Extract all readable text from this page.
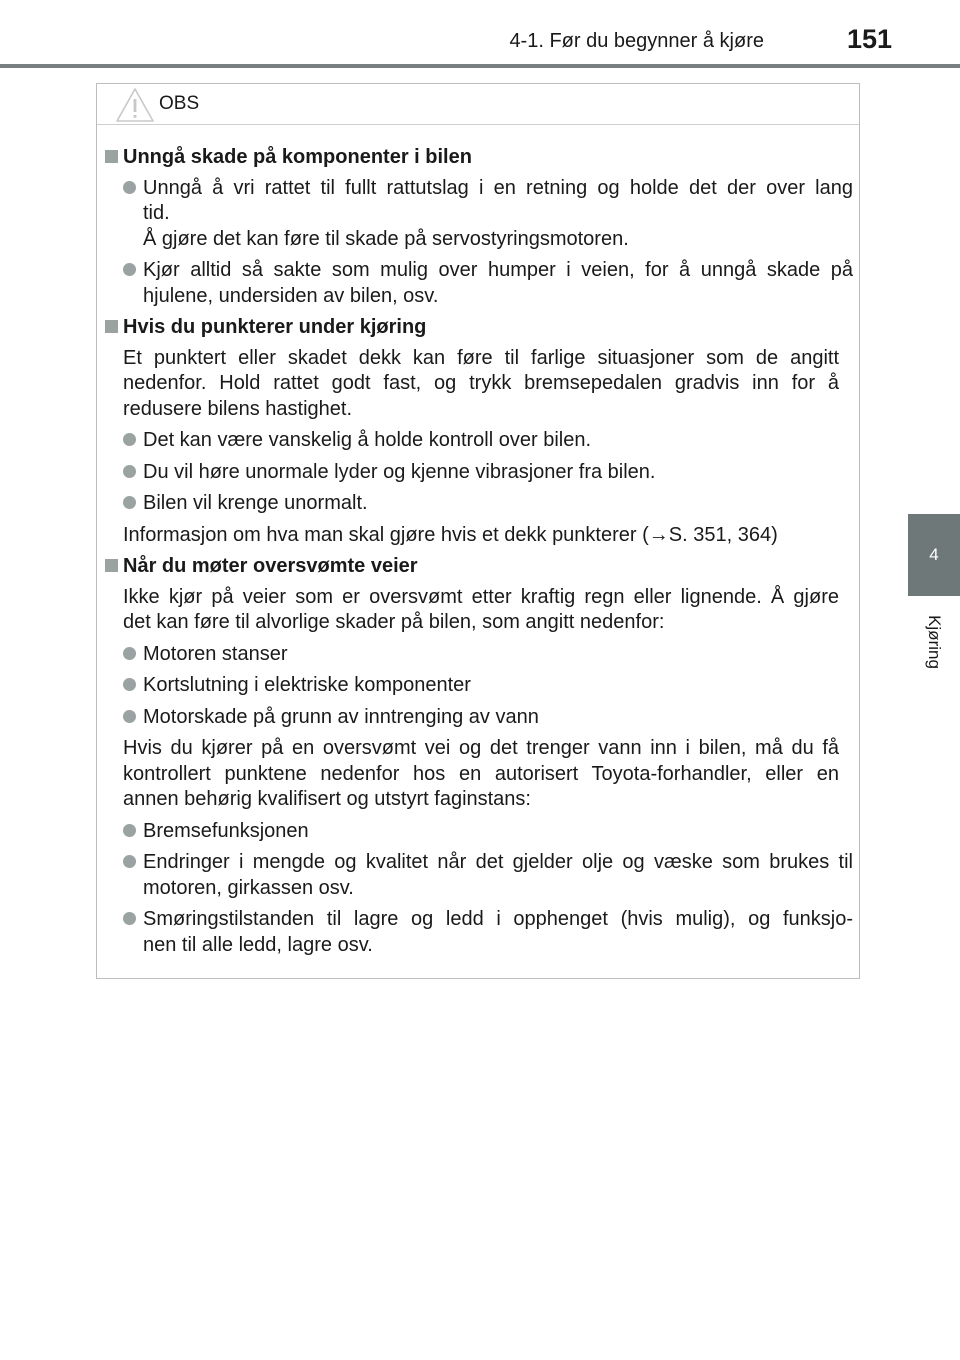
4-1. Før du begynner å kjøre	151
4
Kjøring
OBS
Unngå skade på komponenter i bilen
Unngå å vri rattet til fullt rattutslag i en retning og holde det der over lang
tid.
Å gjøre det kan føre til skade på servostyringsmotoren.
Kjør alltid så sakte som mulig over humper i veien, for å unngå skade på
hjulene, undersiden av bilen, osv.
Hvis du punkterer under kjøring
Et punktert eller skadet dekk kan føre til farlige situasjoner som de angitt
nedenfor. Hold rattet godt fast, og trykk bremsepedalen gradvis inn for å
redusere bilens hastighet.
Det kan være vanskelig å holde kontroll over bilen.
Du vil høre unormale lyder og kjenne vibrasjoner fra bilen.
Bilen vil krenge unormalt.
Informasjon om hva man skal gjøre hvis et dekk punkterer (→S. 351, 364)
Når du møter oversvømte veier
Ikke kjør på veier som er oversvømt etter kraftig regn eller lignende. Å gjøre
det kan føre til alvorlige skader på bilen, som angitt nedenfor:
Motoren stanser
Kortslutning i elektriske komponenter
Motorskade på grunn av inntrenging av vann
Hvis du kjører på en oversvømt vei og det trenger vann inn i bilen, må du få
kontrollert punktene nedenfor hos en autorisert Toyota-forhandler, eller en
annen behørig kvalifisert og utstyrt faginstans:
Bremsefunksjonen
Endringer i mengde og kvalitet når det gjelder olje og væske som brukes til
motoren, girkassen osv.
Smøringstilstanden til lagre og ledd i opphenget (hvis mulig), og funksjo-
nen til alle ledd, lagre osv.
